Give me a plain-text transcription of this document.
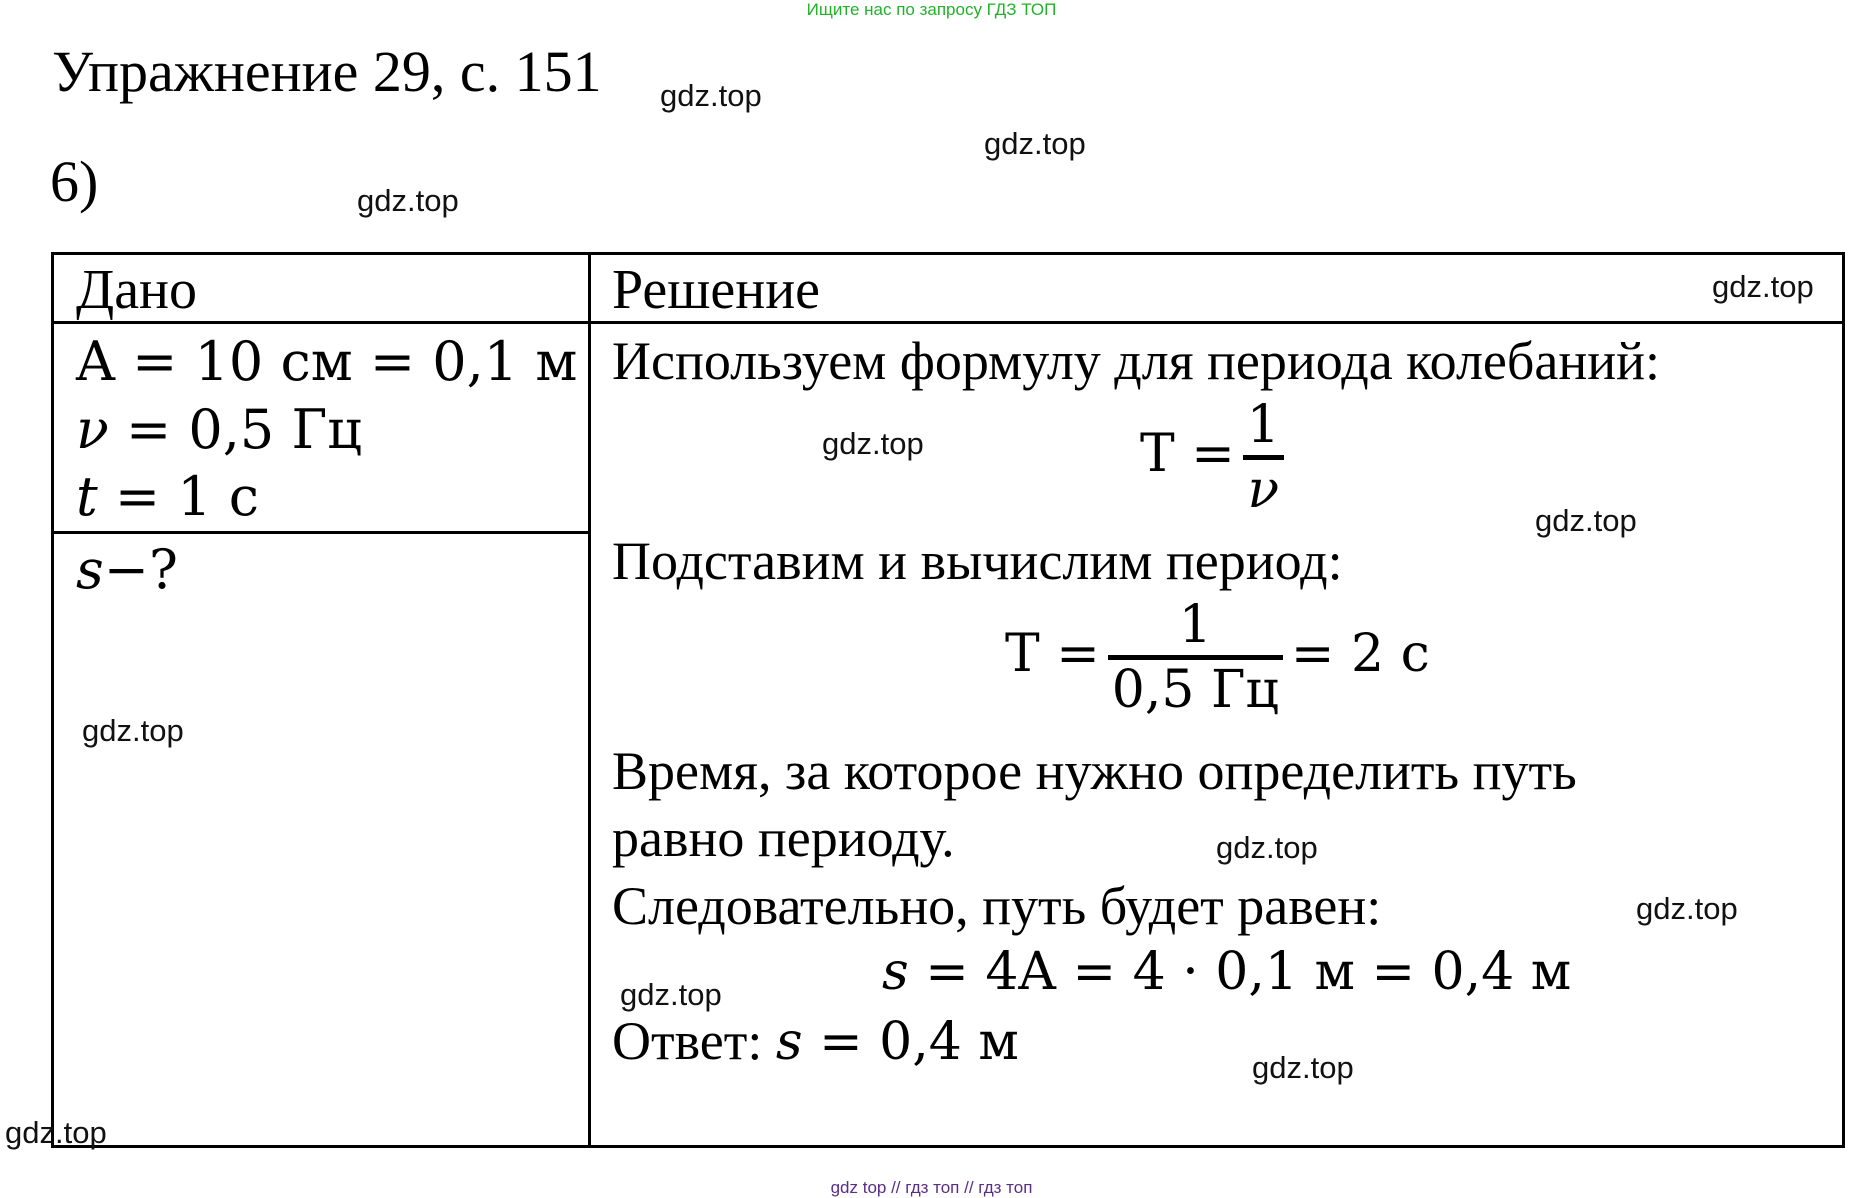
Ищите нас по запросу ГДЗ ТОП
Упражнение 29, с. 151
6)
Дано	Решение
A = 10 см = 0,1 м
ν = 0,5 Гц
t = 1 с
s−?
Используем формулу для периода колебаний:
$T = \frac{1}{\nu}$
Подставим и вычислим период:
$T = \frac{1}{0,5 Гц} = 2$ с
Время, за которое нужно определить путь
равно периоду.
Следовательно, путь будет равен:
s = 4A = 4 · 0,1 м = 0,4 м
Ответ: s = 0,4 м
gdz.top
gdz.top
gdz.top
gdz.top
gdz.top
gdz.top
gdz.top
gdz.top
gdz.top
gdz.top
gdz.top
gdz.top
gdz top // гдз топ // гдз топ
